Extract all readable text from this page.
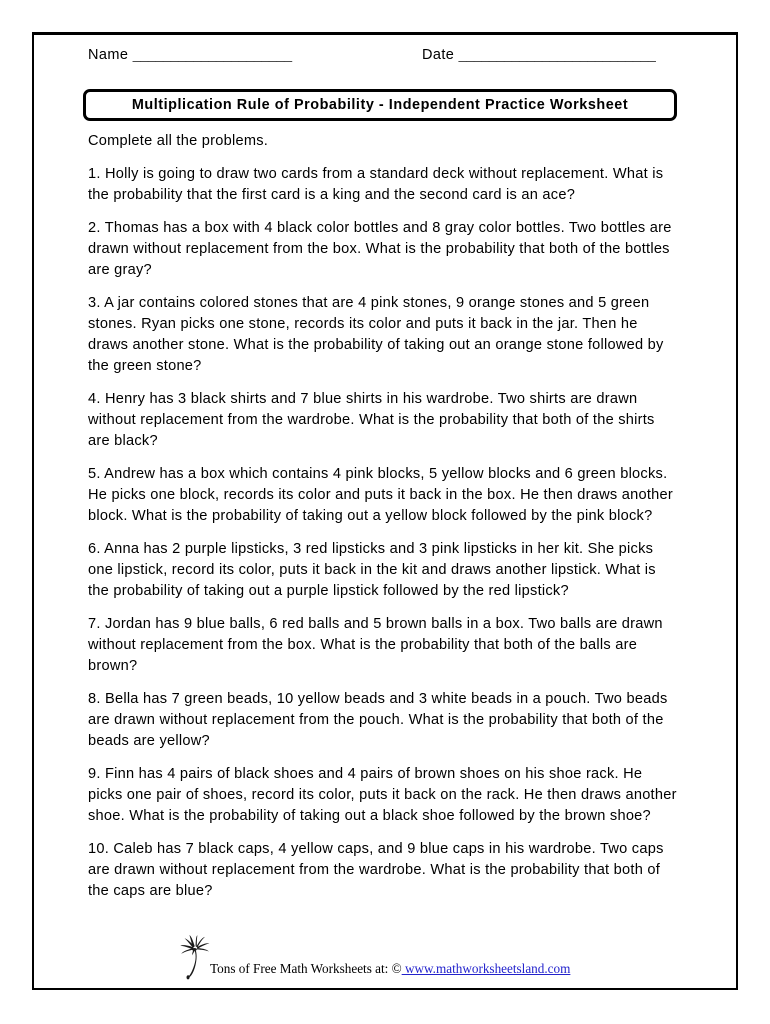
Name _____________________	Date __________________________
Multiplication Rule of Probability - Independent Practice Worksheet

Complete all the problems.

1. Holly is going to draw two cards from a standard deck without replacement. What is the probability that the first card is a king and the second card is an ace?

2. Thomas has a box with 4 black color bottles and 8 gray color bottles. Two bottles are drawn without replacement from the box. What is the probability that both of the bottles are gray?

3. A jar contains colored stones that are 4 pink stones, 9 orange stones and 5 green stones. Ryan picks one stone, records its color and puts it back in the jar. Then he draws another stone. What is the probability of taking out an orange stone followed by the green stone?

4. Henry has 3 black shirts and 7 blue shirts in his wardrobe. Two shirts are drawn without replacement from the wardrobe. What is the probability that both of the shirts are black?

5. Andrew has a box which contains 4 pink blocks, 5 yellow blocks and 6 green blocks. He picks one block, records its color and puts it back in the box. He then draws another block. What is the probability of taking out a yellow block followed by the pink block?

6. Anna has 2 purple lipsticks, 3 red lipsticks and 3 pink lipsticks in her kit. She picks one lipstick, record its color, puts it back in the kit and draws another lipstick. What is the probability of taking out a purple lipstick followed by the red lipstick?

7. Jordan has 9 blue balls, 6 red balls and 5 brown balls in a box. Two balls are drawn without replacement from the box. What is the probability that both of the balls are brown?

8. Bella has 7 green beads, 10 yellow beads and 3 white beads in a pouch. Two beads are drawn without replacement from the pouch. What is the probability that both of the beads are yellow?

9. Finn has 4 pairs of black shoes and 4 pairs of brown shoes on his shoe rack. He picks one pair of shoes, record its color, puts it back on the rack. He then draws another shoe. What is the probability of taking out a black shoe followed by the brown shoe?

10. Caleb has 7 black caps, 4 yellow caps, and 9 blue caps in his wardrobe. Two caps are drawn without replacement from the wardrobe. What is the probability that both of the caps are blue?

Tons of Free Math Worksheets at: © www.mathworksheetsland.com
